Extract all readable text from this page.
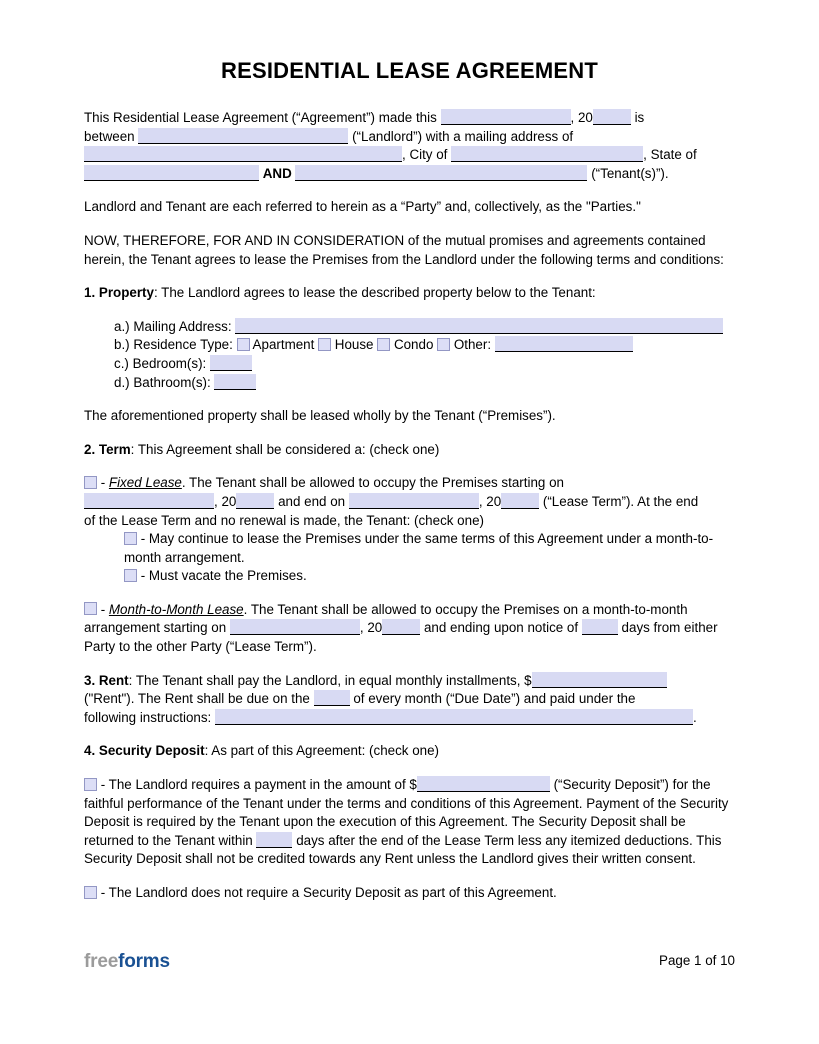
RESIDENTIAL LEASE AGREEMENT
This Residential Lease Agreement (“Agreement”) made this	, 20	is
between	(“Landlord”) with a mailing address of
, City of	, State of
AND	(“Tenant(s)”).
Landlord and Tenant are each referred to herein as a “Party” and, collectively, as the "Parties."
NOW, THEREFORE, FOR AND IN CONSIDERATION of the mutual promises and agreements contained herein, the Tenant agrees to lease the Premises from the Landlord under the following terms and conditions:
1. Property: The Landlord agrees to lease the described property below to the Tenant:
a.) Mailing Address:
b.) Residence Type:  Apartment  House  Condo  Other:
c.) Bedroom(s):
d.) Bathroom(s):
The aforementioned property shall be leased wholly by the Tenant (“Premises”).
2. Term: This Agreement shall be considered a: (check one)
- Fixed Lease. The Tenant shall be allowed to occupy the Premises starting on
, 20	and end on	, 20	(“Lease Term”). At the end
of the Lease Term and no renewal is made, the Tenant: (check one)
- May continue to lease the Premises under the same terms of this Agreement under a month-to-month arrangement.
- Must vacate the Premises.
- Month-to-Month Lease. The Tenant shall be allowed to occupy the Premises on a month-to-month arrangement starting on	, 20	and ending upon notice of	days from either Party to the other Party (“Lease Term”).
3. Rent: The Tenant shall pay the Landlord, in equal monthly installments, $
("Rent"). The Rent shall be due on the	of every month (“Due Date”) and paid under the
following instructions:	.
4. Security Deposit: As part of this Agreement: (check one)
- The Landlord requires a payment in the amount of $	(“Security Deposit”) for the faithful performance of the Tenant under the terms and conditions of this Agreement. Payment of the Security Deposit is required by the Tenant upon the execution of this Agreement. The Security Deposit shall be returned to the Tenant within	days after the end of the Lease Term less any itemized deductions. This Security Deposit shall not be credited towards any Rent unless the Landlord gives their written consent.
- The Landlord does not require a Security Deposit as part of this Agreement.
freeforms	Page 1 of 10
